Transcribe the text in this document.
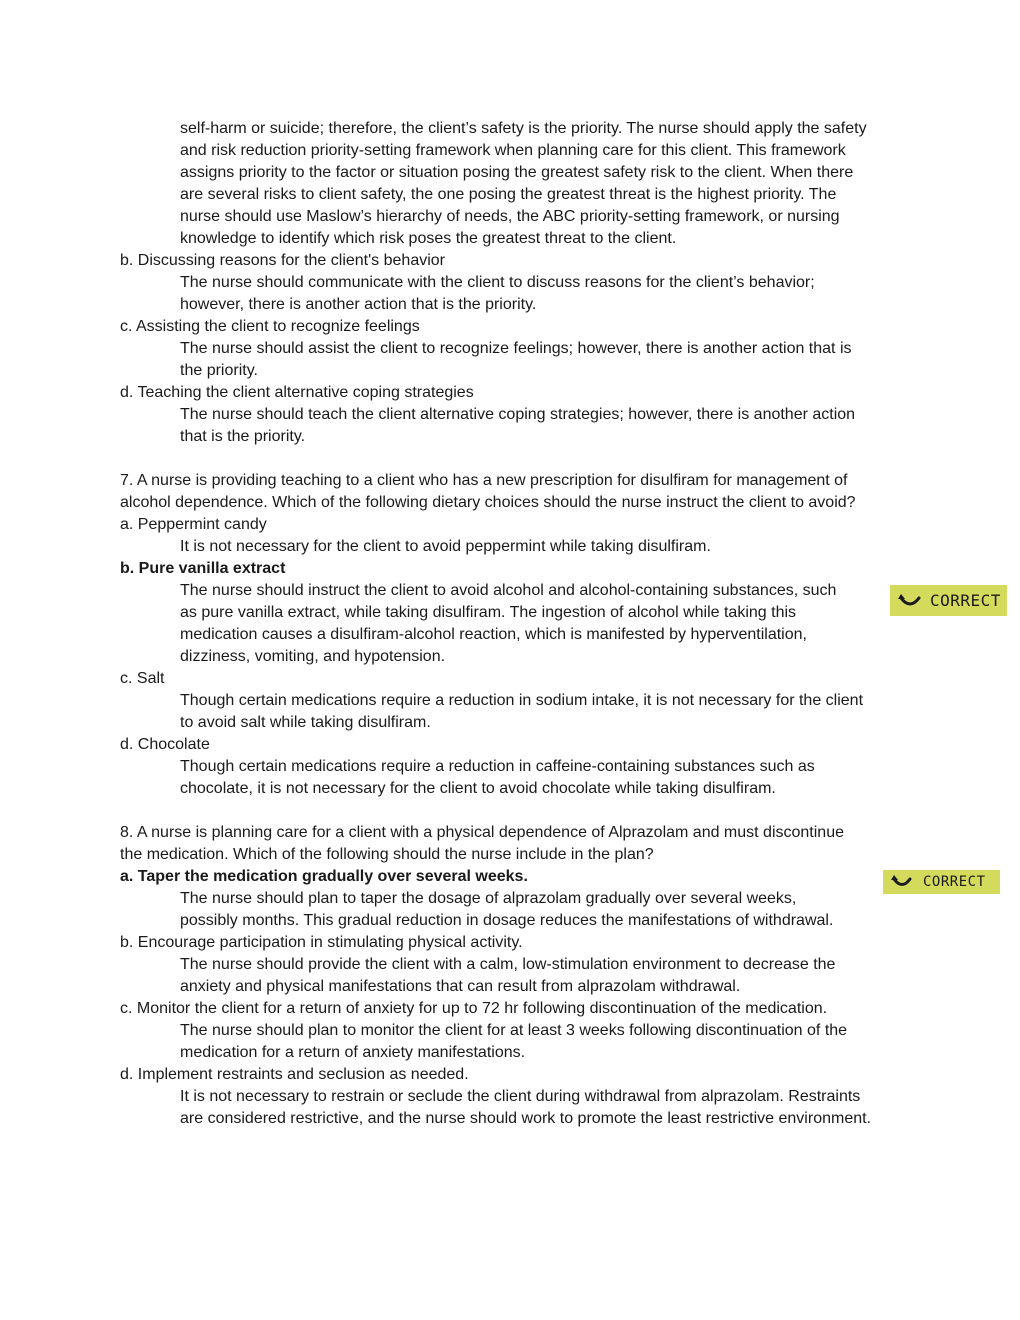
self-harm or suicide; therefore, the client’s safety is the priority. The nurse should apply the safety
and risk reduction priority-setting framework when planning care for this client. This framework
assigns priority to the factor or situation posing the greatest safety risk to the client. When there
are several risks to client safety, the one posing the greatest threat is the highest priority. The
nurse should use Maslow’s hierarchy of needs, the ABC priority-setting framework, or nursing
knowledge to identify which risk poses the greatest threat to the client.
b. Discussing reasons for the client's behavior
The nurse should communicate with the client to discuss reasons for the client’s behavior;
however, there is another action that is the priority.
c. Assisting the client to recognize feelings
The nurse should assist the client to recognize feelings; however, there is another action that is
the priority.
d. Teaching the client alternative coping strategies
The nurse should teach the client alternative coping strategies; however, there is another action
that is the priority.
7. A nurse is providing teaching to a client who has a new prescription for disulfiram for management of
alcohol dependence. Which of the following dietary choices should the nurse instruct the client to avoid?
a. Peppermint candy
It is not necessary for the client to avoid peppermint while taking disulfiram.
b. Pure vanilla extract
The nurse should instruct the client to avoid alcohol and alcohol-containing substances, such
as pure vanilla extract, while taking disulfiram. The ingestion of alcohol while taking this
medication causes a disulfiram-alcohol reaction, which is manifested by hyperventilation,
dizziness, vomiting, and hypotension.
c. Salt
Though certain medications require a reduction in sodium intake, it is not necessary for the client
to avoid salt while taking disulfiram.
d. Chocolate
Though certain medications require a reduction in caffeine-containing substances such as
chocolate, it is not necessary for the client to avoid chocolate while taking disulfiram.
8. A nurse is planning care for a client with a physical dependence of Alprazolam and must discontinue
the medication. Which of the following should the nurse include in the plan?
a. Taper the medication gradually over several weeks.
The nurse should plan to taper the dosage of alprazolam gradually over several weeks,
possibly months. This gradual reduction in dosage reduces the manifestations of withdrawal.
b. Encourage participation in stimulating physical activity.
The nurse should provide the client with a calm, low-stimulation environment to decrease the
anxiety and physical manifestations that can result from alprazolam withdrawal.
c. Monitor the client for a return of anxiety for up to 72 hr following discontinuation of the medication.
The nurse should plan to monitor the client for at least 3 weeks following discontinuation of the
medication for a return of anxiety manifestations.
d. Implement restraints and seclusion as needed.
It is not necessary to restrain or seclude the client during withdrawal from alprazolam. Restraints
are considered restrictive, and the nurse should work to promote the least restrictive environment.
CORRECT
CORRECT
